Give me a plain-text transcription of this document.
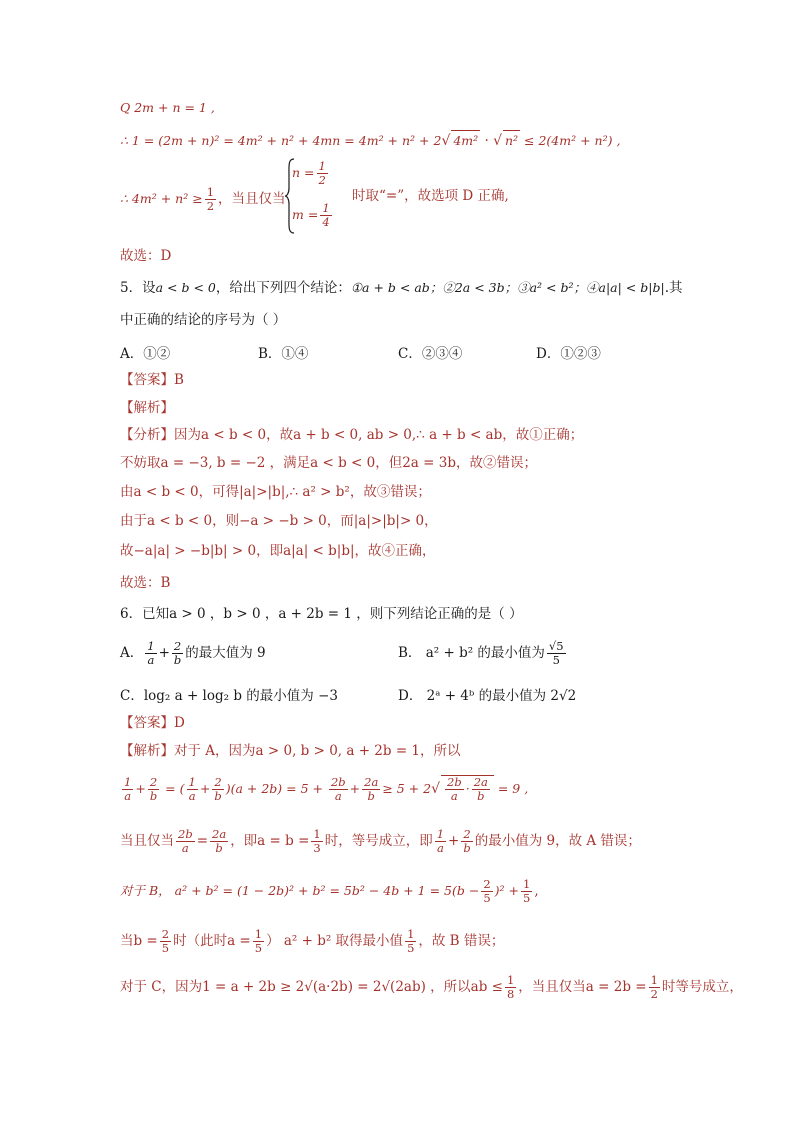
Q 2m + n = 1 ,
∴ 1 = (2m + n)² = 4m² + n² + 4mn = 4m² + n² + 2√ 4m² · √ n² ≤ 2(4m² + n²) ,
∴ $4m^2 + n^2 \ge \frac{1}{2}$ ，当且仅当
$n = \frac{1}{2}$
$m = \frac{1}{4}$
时取“=”，故选项 D 正确,
故选：D
5．设a < b < 0，给出下列四个结论：①a + b < ab；②2a < 3b；③a² < b²；④a|a| < b|b|.其
中正确的结论的序号为（ ）
A．①②	B．①④	C．②③④	D．①②③
【答案】B
【解析】
【分析】因为a < b < 0，故a + b < 0, ab > 0,∴ a + b < ab，故①正确；
不妨取a = −3, b = −2 ，满足a < b < 0，但2a = 3b，故②错误；
由a < b < 0，可得|a|>|b|,∴ a² > b²，故③错误；
由于a < b < 0，则−a > −b > 0，而|a|>|b|> 0，
故−a|a| > −b|b| > 0，即a|a| < b|b|，故④正确，
故选：B
6．已知a > 0 ，b > 0 ，a + 2b = 1 ，则下列结论正确的是（ ）
A． $\frac{1}{a} + \frac{2}{b}$ 的最大值为 9	B． a² + b² 的最小值为 $\frac{√5}{5}$
C．log₂ a + log₂ b 的最小值为 −3	D． 2ᵃ + 4ᵇ 的最小值为 2√2
【答案】D
【解析】对于 A，因为a > 0, b > 0, a + 2b = 1，所以
$\frac{1}{a} + \frac{2}{b}$ = ( $\frac{1}{a} + \frac{2}{b} )(a + 2b) = 5 + \frac{2b}{a} + \frac{2a}{b} \ge 5 + 2√ \frac{2b}{a} \cdot \frac{2a}{b} = 9$ ,
当且仅当 $\frac{2b}{a} = \frac{2a}{b}$ ，即$a = b = \frac{1}{3}$ 时，等号成立，即 $\frac{1}{a} + \frac{2}{b}$ 的最小值为 9，故 A 错误；
对于 B， $a^2 + b^2 = (1 - 2b)^2 + b^2 = 5b^2 - 4b + 1 = 5(b - \frac{2}{5} )^2 + \frac{1}{5}$ ,
当$b = \frac{2}{5}$ 时（此时$a = \frac{1}{5}$ ） a² + b² 取得最小值 $\frac{1}{5}$ ，故 B 错误；
对于 C，因为1 = a + 2b ≥ 2√(a·2b) = 2√(2ab) ，所以ab ≤ $\frac{1}{8}$ ，当且仅当$a = 2b = \frac{1}{2}$ 时等号成立，
